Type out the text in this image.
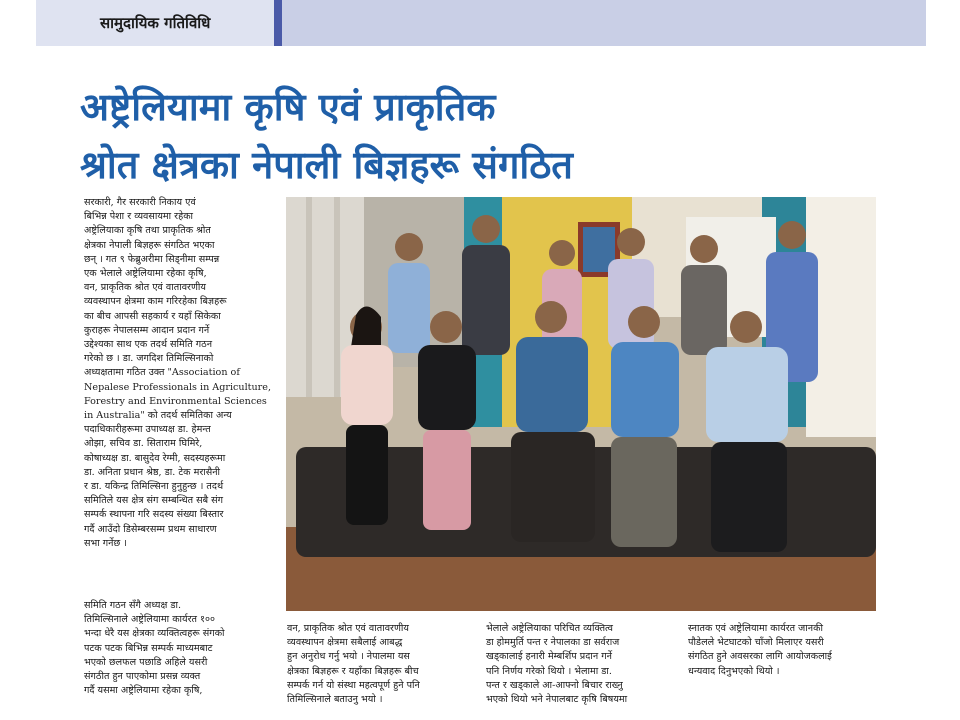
सामुदायिक गतिविधि
अष्ट्रेलियामा कृषि एवं प्राकृतिक
श्रोत क्षेत्रका नेपाली बिज्ञहरू संगठित
सरकारी, गैर सरकारी निकाय एवं
बिभिन्न पेशा र व्यवसायमा रहेका
अष्ट्रेलियाका कृषि तथा प्राकृतिक श्रोत
क्षेत्रका नेपाली बिज्ञहरू संगठित भएका
छन् । गत ९ फेब्रुअरीमा सिड्नीमा सम्पन्न
एक भेलाले अष्ट्रेलियामा रहेका कृषि,
वन, प्राकृतिक श्रोत एवं वातावरणीय
व्यवस्थापन क्षेत्रमा काम गरिरहेका बिज्ञहरू
का बीच आपसी सहकार्य र यहाँ सिकेका
कुराहरू नेपालसम्म आदान प्रदान गर्ने
उद्देश्यका साथ एक तदर्थ समिति गठन
गरेको छ । डा. जगदिश तिमिल्सिनाको
अध्यक्षतामा गठित उक्त "Association of
Nepalese Professionals in Agriculture,
Forestry and Environmental Sciences
in Australia" को तदर्थ समितिका अन्य
पदाधिकारीहरूमा उपाध्यक्ष डा. हेमन्त
ओझा, सचिव डा. सिताराम घिमिरे,
कोषाध्यक्ष डा. बासुदेव रेग्मी, सदस्यहरूमा
डा. अनिता प्रधान श्रेष्ठ, डा. टेक मरासैनी
र डा. यकिन्द्र तिमिल्सिना हुनुहुन्छ । तदर्थ
समितिले यस क्षेत्र संग सम्बन्धित सबै संग
सम्पर्क स्थापना गरि सदस्य संख्या बिस्तार
गर्दै आउँदो डिसेम्बरसम्म प्रथम साधारण
सभा गर्नेछ ।
समिति गठन सँगै अध्यक्ष डा.
तिमिल्सिनाले अष्ट्रेलियामा कार्यरत १००
भन्दा धेरै यस क्षेत्रका व्यक्तित्वहरू संगको
पटक पटक बिभिन्न सम्पर्क माध्यमबाट
भएको छलफल पछाडि अहिले यसरी
संगठीत हुन पाएकोमा प्रसन्न व्यक्त
गर्दै यसमा अष्ट्रेलियामा रहेका कृषि,
वन, प्राकृतिक श्रोत एवं वातावरणीय
व्यवस्थापन क्षेत्रमा सबैलाई आबद्ध
हुन अनुरोध गर्नु भयो । नेपालमा यस
क्षेत्रका बिज्ञहरू र यहाँका बिज्ञहरू बीच
सम्पर्क गर्न यो संस्था महत्वपूर्ण हुने पनि
तिमिल्सिनाले बताउनु भयो ।
भेलाले अष्ट्रेलियाका परिचित व्यक्तित्व
डा होममुर्ति पन्त र नेपालका डा सर्वराज
खड्कालाई हनारी मेम्बर्शिप प्रदान गर्ने
पनि निर्णय गरेको थियो । भेलामा डा.
पन्त र खड्काले आ-आफ्नो बिचार राख्नु
भएको थियो भने नेपालबाट कृषि बिषयमा
स्नातक एवं अष्ट्रेलियामा कार्यरत जानकी
पौडेलले भेटघाटको चाँजो मिलाएर यसरी
संगठित हुने अवसरका लागि आयोजकलाई
धन्यवाद दिनुभएको थियो ।
